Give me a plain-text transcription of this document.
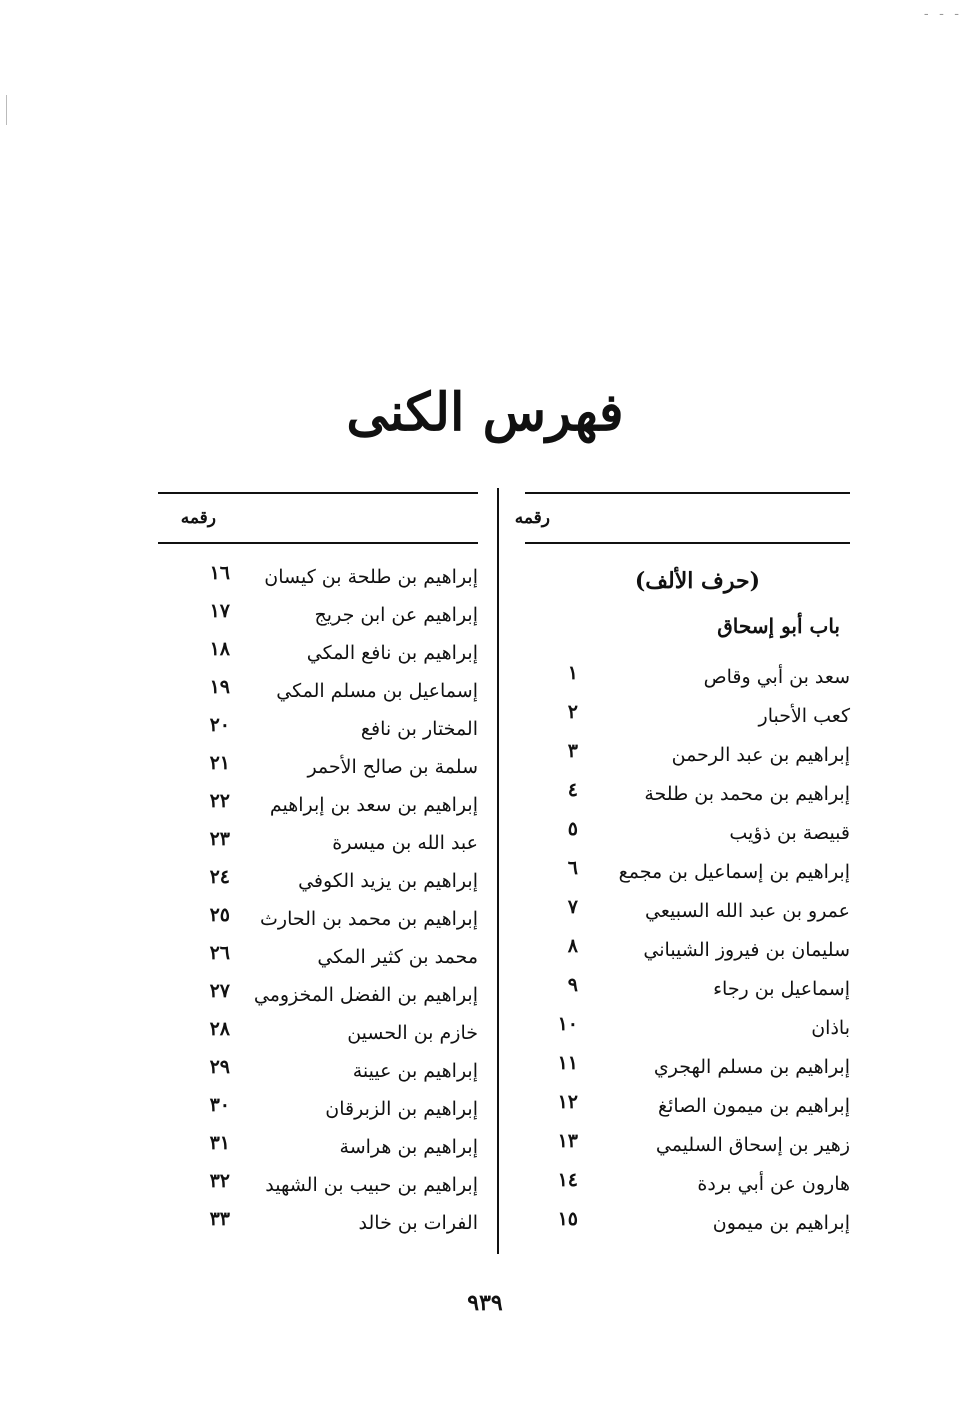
- - -
فهرس الكنى
رقمه
(حرف الألف)
باب أبو إسحاق
سعد بن أبي وقاص
١
كعب الأحبار
٢
إبراهيم بن عبد الرحمن
٣
إبراهيم بن محمد بن طلحة
٤
قبيصة بن ذؤيب
٥
إبراهيم بن إسماعيل بن مجمع
٦
عمرو بن عبد الله السبيعي
٧
سليمان بن فيروز الشيباني
٨
إسماعيل بن رجاء
٩
باذان
١٠
إبراهيم بن مسلم الهجري
١١
إبراهيم بن ميمون الصائغ
١٢
زهير بن إسحاق السليمي
١٣
هارون عن أبي بردة
١٤
إبراهيم بن ميمون
١٥
رقمه
إبراهيم بن طلحة بن كيسان
١٦
إبراهيم عن ابن جريج
١٧
إبراهيم بن نافع المكي
١٨
إسماعيل بن مسلم المكي
١٩
المختار بن نافع
٢٠
سلمة بن صالح الأحمر
٢١
إبراهيم بن سعد بن إبراهيم
٢٢
عبد الله بن ميسرة
٢٣
إبراهيم بن يزيد الكوفي
٢٤
إبراهيم بن محمد بن الحارث
٢٥
محمد بن كثير المكي
٢٦
إبراهيم بن الفضل المخزومي
٢٧
خازم بن الحسين
٢٨
إبراهيم بن عيينة
٢٩
إبراهيم بن الزبرقان
٣٠
إبراهيم بن هراسة
٣١
إبراهيم بن حبيب بن الشهيد
٣٢
الفرات بن خالد
٣٣
٩٣٩
